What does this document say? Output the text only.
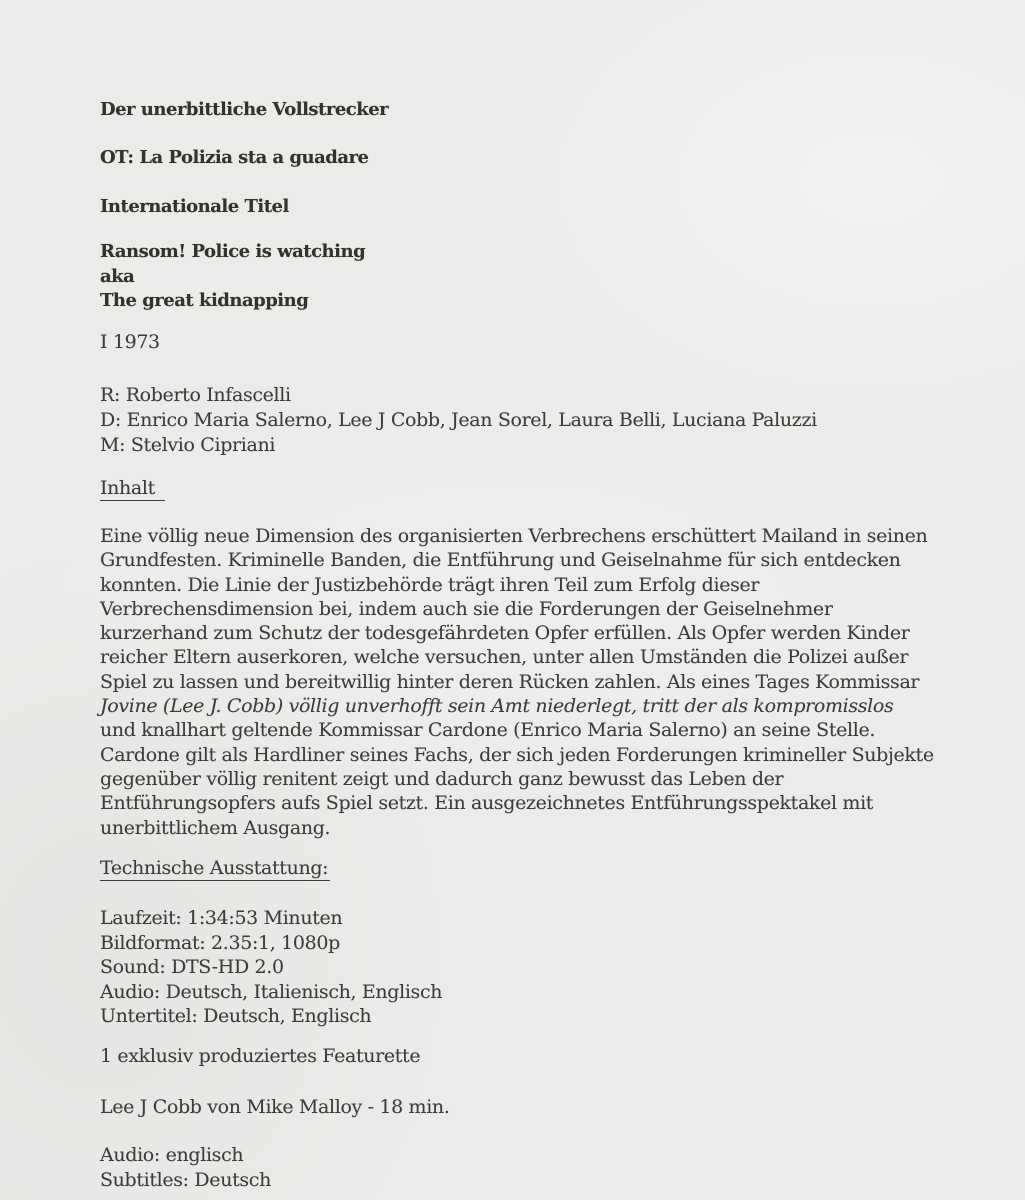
Der unerbittliche Vollstrecker
OT: La Polizia sta a guadare
Internationale Titel
Ransom! Police is watching
aka
The great kidnapping
I 1973
R: Roberto Infascelli
D: Enrico Maria Salerno, Lee J Cobb, Jean Sorel, Laura Belli, Luciana Paluzzi
M: Stelvio Cipriani
Inhalt
Eine völlig neue Dimension des organisierten Verbrechens erschüttert Mailand in seinen
Grundfesten. Kriminelle Banden, die Entführung und Geiselnahme für sich entdecken
konnten. Die Linie der Justizbehörde trägt ihren Teil zum Erfolg dieser
Verbrechensdimension bei, indem auch sie die Forderungen der Geiselnehmer
kurzerhand zum Schutz der todesgefährdeten Opfer erfüllen. Als Opfer werden Kinder
reicher Eltern auserkoren, welche versuchen, unter allen Umständen die Polizei außer
Spiel zu lassen und bereitwillig hinter deren Rücken zahlen. Als eines Tages Kommissar
Jovine (Lee J. Cobb) völlig unverhofft sein Amt niederlegt, tritt der als kompromisslos
und knallhart geltende Kommissar Cardone (Enrico Maria Salerno) an seine Stelle.
Cardone gilt als Hardliner seines Fachs, der sich jeden Forderungen krimineller Subjekte
gegenüber völlig renitent zeigt und dadurch ganz bewusst das Leben der
Entführungsopfers aufs Spiel setzt. Ein ausgezeichnetes Entführungsspektakel mit
unerbittlichem Ausgang.
Technische Ausstattung:
Laufzeit: 1:34:53 Minuten
Bildformat: 2.35:1, 1080p
Sound: DTS-HD 2.0
Audio: Deutsch, Italienisch, Englisch
Untertitel: Deutsch, Englisch
1 exklusiv produziertes Featurette
Lee J Cobb von Mike Malloy - 18 min.
Audio: englisch
Subtitles: Deutsch
